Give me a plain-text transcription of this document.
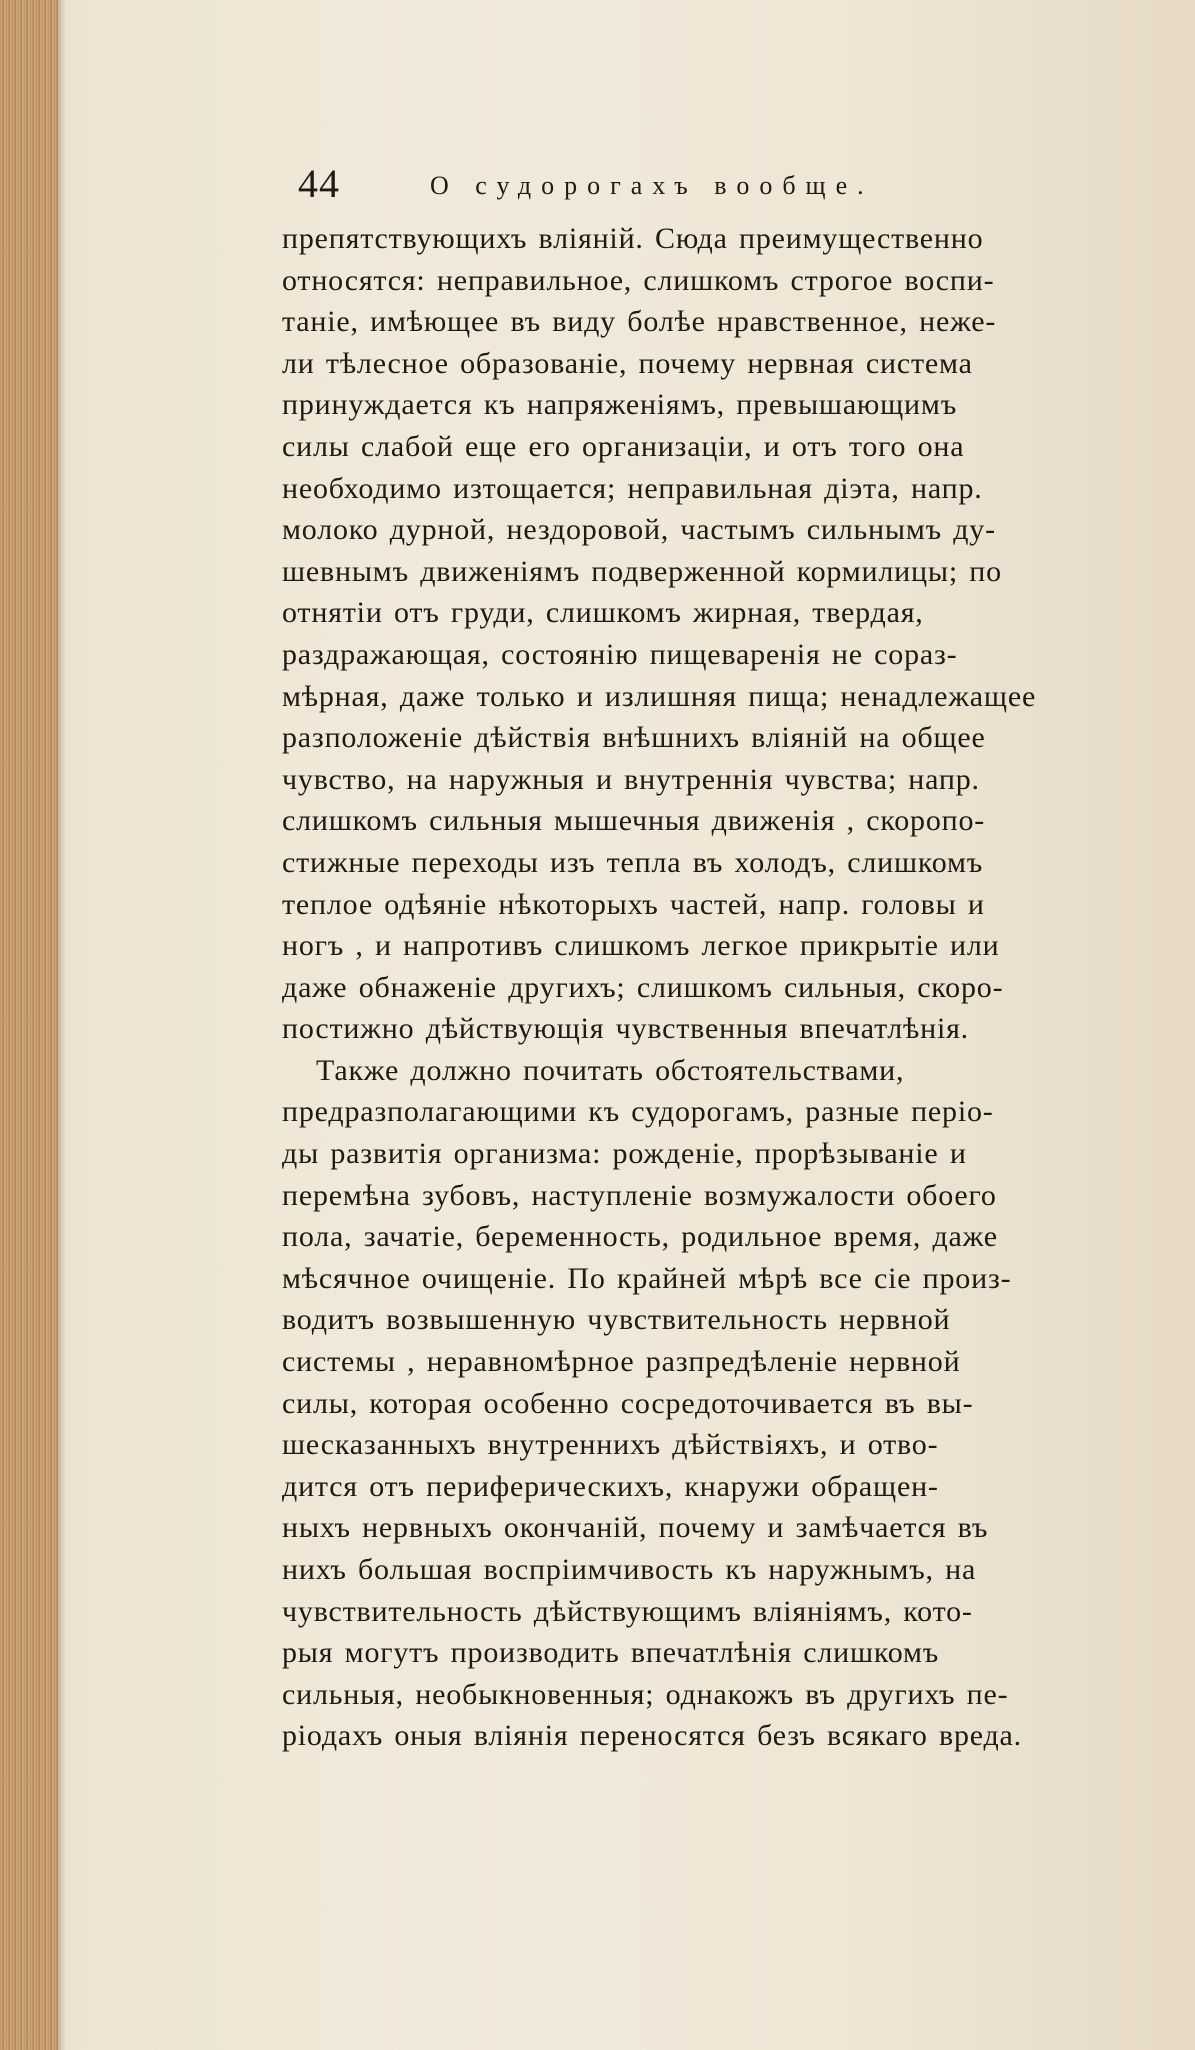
44	О судорогахъ вообще.
препятствующихъ вліяній. Сюда преимущественно
относятся: неправильное, слишкомъ строгое воспи-
таніе, имѣющее въ виду болѣе нравственное, нeже-
ли тѣлесное образованіе, почему нервная система
принуждается къ напряженіямъ, превышающимъ
силы слабой еще его организаціи, и отъ того она
необходимо изтощается; неправильная діэта, напр.
молоко дурной, нездоровой, частымъ сильнымъ ду-
шевнымъ движеніямъ подверженной кормилицы; по
отнятіи отъ груди, слишкомъ жирная, твердая,
раздражающая, состоянію пищеваренія не сораз-
мѣрная, даже только и излишняя пища; ненадлежащее
разположеніе дѣйствія внѣшнихъ вліяній на общее
чувство, на наружныя и внутреннія чувства; напр.
слишкомъ сильныя мышечныя движенія , скоропо-
стижные переходы изъ тепла въ холодъ, слишкомъ
теплое одѣяніе нѣкоторыхъ частей, напр. головы и
ногъ , и напротивъ слишкомъ легкое прикрытіе или
даже обнаженіе другихъ; слишкомъ сильныя, скоро-
постижно дѣйствующія чувственныя впечатлѣнія.
Также должно почитать обстоятельствами,
предразполагающими къ судорогамъ, разные періо-
ды развитія организма: рожденіе, прорѣзываніе и
перемѣна зубовъ, наступленіе возмужалости обоего
пола, зачатіе, беременность, родильное время, даже
мѣсячное очищеніе. По крайней мѣрѣ все сіе произ-
водитъ возвышенную чувствительность нервной
системы , неравномѣрное разпредѣленіе нервной
силы, которая особенно сосредоточивается въ вы-
шесказанныхъ внутреннихъ дѣйствіяхъ, и отво-
дится отъ периферическихъ, кнаружи обращен-
ныхъ нервныхъ окончаній, почему и замѣчается въ
нихъ большая воспріимчивость къ наружнымъ, на
чувствительность дѣйствующимъ вліяніямъ, кото-
рыя могутъ производить впечатлѣнія слишкомъ
сильныя, необыкновенныя; однакожъ въ другихъ пе-
ріодахъ оныя вліянія переносятся безъ всякаго вреда.
